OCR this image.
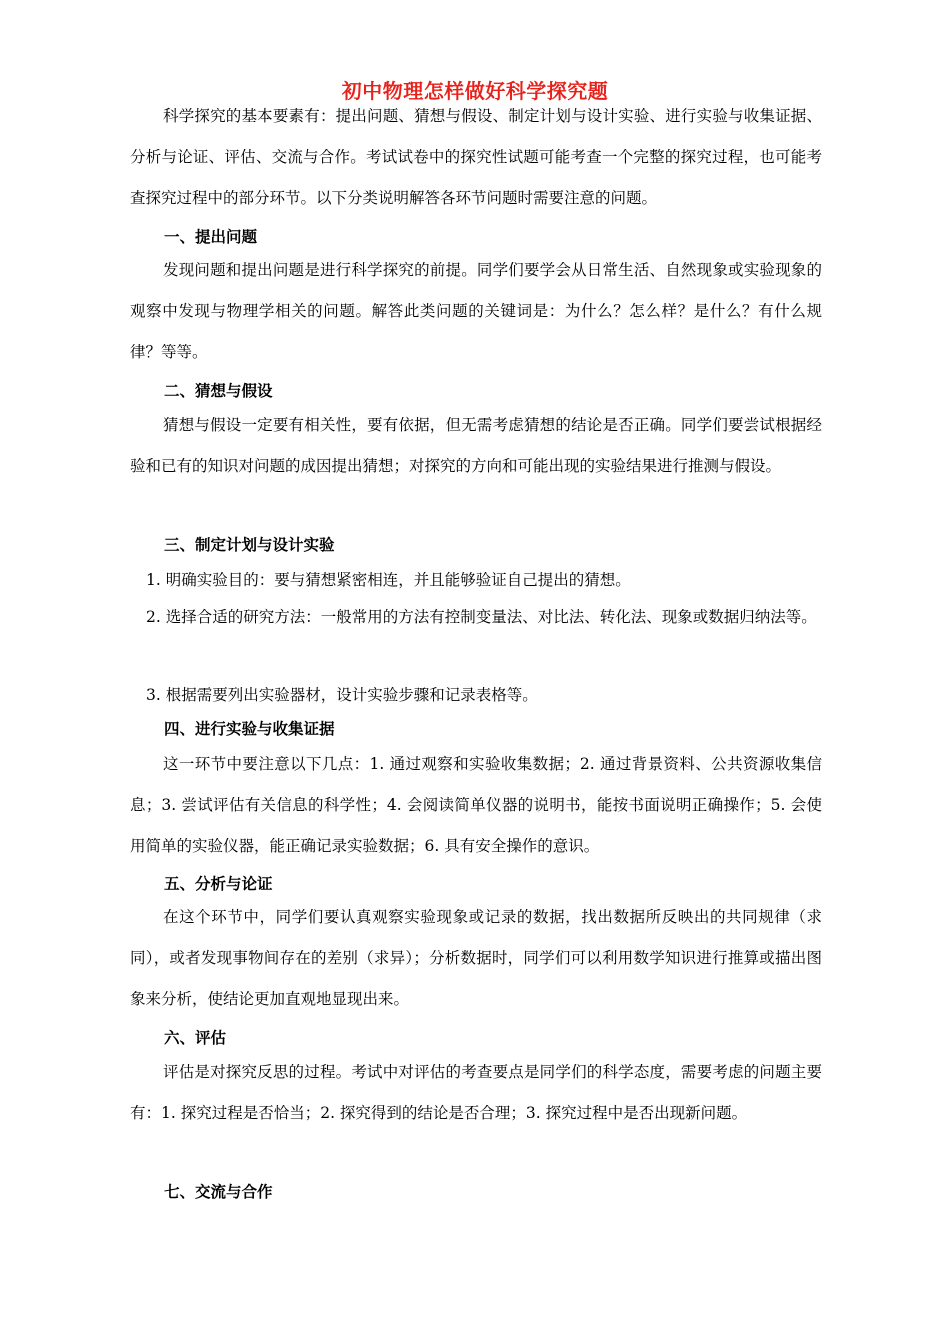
初中物理怎样做好科学探究题

科学探究的基本要素有：提出问题、猜想与假设、制定计划与设计实验、进行实验与收集证据、分析与论证、评估、交流与合作。考试试卷中的探究性试题可能考查一个完整的探究过程，也可能考查探究过程中的部分环节。以下分类说明解答各环节问题时需要注意的问题。

一、提出问题

发现问题和提出问题是进行科学探究的前提。同学们要学会从日常生活、自然现象或实验现象的观察中发现与物理学相关的问题。解答此类问题的关键词是：为什么？怎么样？是什么？有什么规律？等等。

二、猜想与假设

猜想与假设一定要有相关性，要有依据，但无需考虑猜想的结论是否正确。同学们要尝试根据经验和已有的知识对问题的成因提出猜想；对探究的方向和可能出现的实验结果进行推测与假设。

三、制定计划与设计实验

1. 明确实验目的：要与猜想紧密相连，并且能够验证自己提出的猜想。

2. 选择合适的研究方法：一般常用的方法有控制变量法、对比法、转化法、现象或数据归纳法等。

3. 根据需要列出实验器材，设计实验步骤和记录表格等。

四、进行实验与收集证据

这一环节中要注意以下几点：1. 通过观察和实验收集数据；2. 通过背景资料、公共资源收集信息；3. 尝试评估有关信息的科学性；4. 会阅读简单仪器的说明书，能按书面说明正确操作；5. 会使用简单的实验仪器，能正确记录实验数据；6. 具有安全操作的意识。

五、分析与论证

在这个环节中，同学们要认真观察实验现象或记录的数据，找出数据所反映出的共同规律（求同），或者发现事物间存在的差别（求异）；分析数据时，同学们可以利用数学知识进行推算或描出图象来分析，使结论更加直观地显现出来。

六、评估

评估是对探究反思的过程。考试中对评估的考查要点是同学们的科学态度，需要考虑的问题主要有：1. 探究过程是否恰当；2. 探究得到的结论是否合理；3. 探究过程中是否出现新问题。

七、交流与合作
